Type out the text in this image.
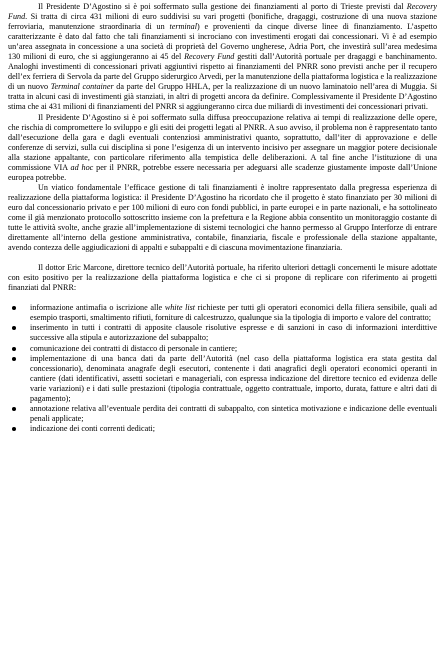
Il Presidente D’Agostino si è poi soffermato sulla gestione dei finanziamenti al porto di Trieste previsti dal Recovery Fund. Si tratta di circa 431 milioni di euro suddivisi su vari progetti (bonifiche, dragaggi, costruzione di una nuova stazione ferroviaria, manutenzione straordinaria di un terminal) e provenienti da cinque diverse linee di finanziamento. L’aspetto caratterizzante è dato dal fatto che tali finanziamenti si incrociano con investimenti erogati dai concessionari. Vi è ad esempio un’area assegnata in concessione a una società di proprietà del Governo ungherese, Adria Port, che investirà sull’area medesima 130 milioni di euro, che si aggiungeranno ai 45 del Recovery Fund gestiti dall’Autorità portuale per dragaggi e banchinamento. Analoghi investimenti di concessionari privati aggiuntivi rispetto ai finanziamenti del PNRR sono previsti anche per il recupero dell’ex ferriera di Servola da parte del Gruppo siderurgico Arvedi, per la manutenzione della piattaforma logistica e la realizzazione di un nuovo Terminal container da parte del Gruppo HHLA, per la realizzazione di un nuovo laminatoio nell’area di Muggia. Si tratta in alcuni casi di investimenti già stanziati, in altri di progetti ancora da definire. Complessivamente il Presidente D’Agostino stima che ai 431 milioni di finanziamenti del PNRR si aggiungeranno circa due miliardi di investimenti dei concessionari privati.

Il Presidente D’Agostino si è poi soffermato sulla diffusa preoccupazione relativa ai tempi di realizzazione delle opere, che rischia di compromettere lo sviluppo e gli esiti dei progetti legati al PNRR. A suo avviso, il problema non è rappresentato tanto dall’esecuzione della gara e dagli eventuali contenziosi amministrativi quanto, soprattutto, dall’iter di approvazione e delle conferenze di servizi, sulla cui disciplina si pone l’esigenza di un intervento incisivo per assegnare un maggior potere decisionale alla stazione appaltante, con particolare riferimento alla tempistica delle deliberazioni. A tal fine anche l’istituzione di una commissione VIA ad hoc per il PNRR, potrebbe essere necessaria per adeguarsi alle scadenze giustamente imposte dall’Unione europea potrebbe.

Un viatico fondamentale l’efficace gestione di tali finanziamenti è inoltre rappresentato dalla pregressa esperienza di realizzazione della piattaforma logistica: il Presidente D’Agostino ha ricordato che il progetto è stato finanziato per 30 milioni di euro dal concessionario privato e per 100 milioni di euro con fondi pubblici, in parte europei e in parte nazionali, e ha sottolineato come il già menzionato protocollo sottoscritto insieme con la prefettura e la Regione abbia consentito un monitoraggio costante di tutte le attività svolte, anche grazie all’implementazione di sistemi tecnologici che hanno permesso al Gruppo Interforze di entrare direttamente all’interno della gestione amministrativa, contabile, finanziaria, fiscale e professionale della stazione appaltante, avendo contezza delle aggiudicazioni di appalti e subappalti e di ciascuna movimentazione finanziaria.

Il dottor Eric Marcone, direttore tecnico dell’Autorità portuale, ha riferito ulteriori dettagli concernenti le misure adottate con esito positivo per la realizzazione della piattaforma logistica e che ci si propone di replicare con riferimento ai progetti finanziati dal PNRR:

informazione antimafia o iscrizione alle white list richieste per tutti gli operatori economici della filiera sensibile, quali ad esempio trasporti, smaltimento rifiuti, forniture di calcestruzzo, qualunque sia la tipologia di importo e valore del contratto;
inserimento in tutti i contratti di apposite clausole risolutive espresse e di sanzioni in caso di informazioni interdittive successive alla stipula e autorizzazione del subappalto;
comunicazione dei contratti di distacco di personale in cantiere;
implementazione di una banca dati da parte dell’Autorità (nel caso della piattaforma logistica era stata gestita dal concessionario), denominata anagrafe degli esecutori, contenente i dati anagrafici degli operatori economici operanti in cantiere (dati identificativi, assetti societari e manageriali, con espressa indicazione del direttore tecnico ed evidenza delle varie variazioni) e i dati sulle prestazioni (tipologia contrattuale, oggetto contrattuale, importo, durata, fatture e altri dati di pagamento);
annotazione relativa all’eventuale perdita dei contratti di subappalto, con sintetica motivazione e indicazione delle eventuali penali applicate;
indicazione dei conti correnti dedicati;
